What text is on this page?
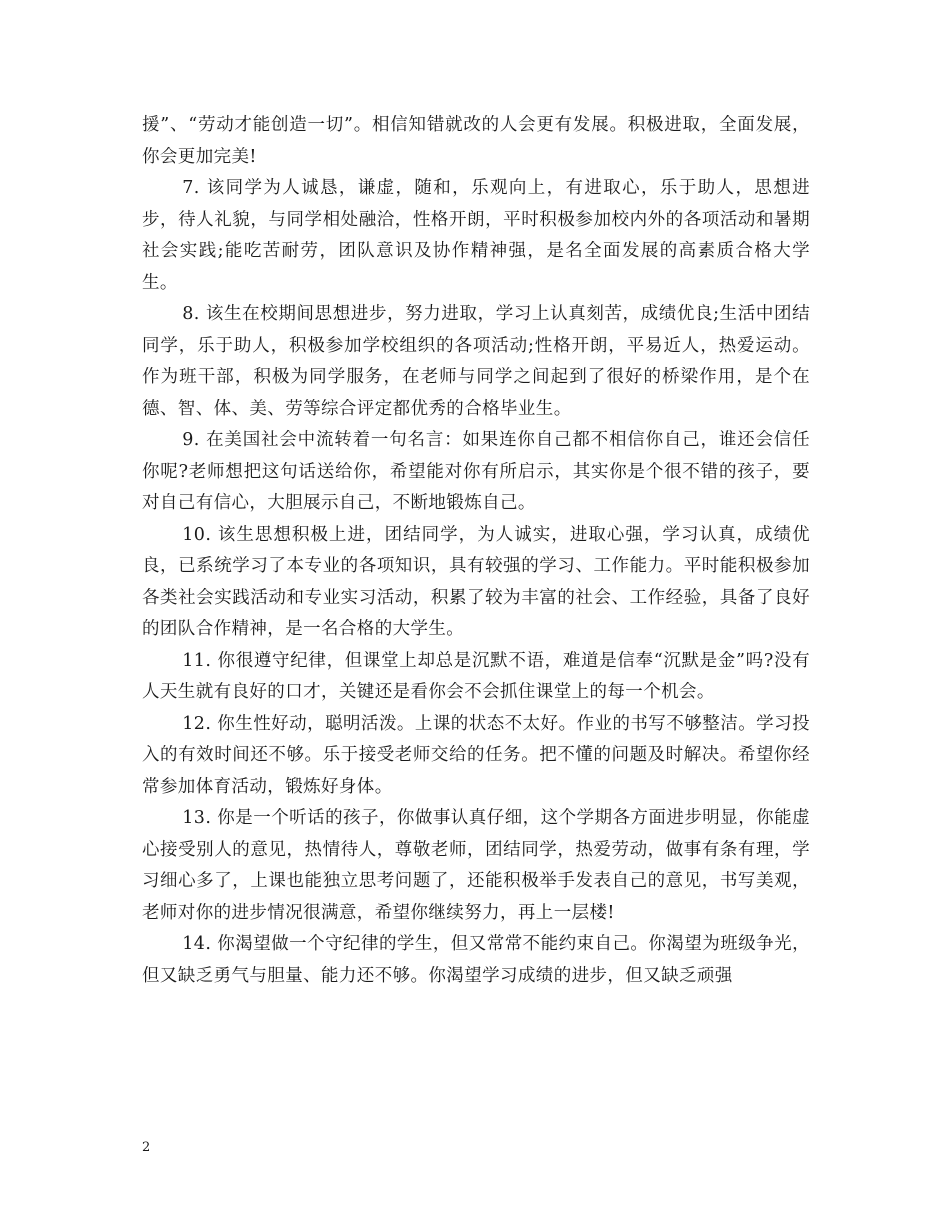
援”、“劳动才能创造一切”。相信知错就改的人会更有发展。积极进取，全面发展，你会更加完美!

7. 该同学为人诚恳，谦虚，随和，乐观向上，有进取心，乐于助人，思想进步，待人礼貌，与同学相处融洽，性格开朗，平时积极参加校内外的各项活动和暑期社会实践;能吃苦耐劳，团队意识及协作精神强，是名全面发展的高素质合格大学生。

8. 该生在校期间思想进步，努力进取，学习上认真刻苦，成绩优良;生活中团结同学，乐于助人，积极参加学校组织的各项活动;性格开朗，平易近人，热爱运动。作为班干部，积极为同学服务，在老师与同学之间起到了很好的桥梁作用，是个在德、智、体、美、劳等综合评定都优秀的合格毕业生。

9. 在美国社会中流转着一句名言：如果连你自己都不相信你自己，谁还会信任你呢?老师想把这句话送给你，希望能对你有所启示，其实你是个很不错的孩子，要对自己有信心，大胆展示自己，不断地锻炼自己。

10. 该生思想积极上进，团结同学，为人诚实，进取心强，学习认真，成绩优良，已系统学习了本专业的各项知识，具有较强的学习、工作能力。平时能积极参加各类社会实践活动和专业实习活动，积累了较为丰富的社会、工作经验，具备了良好的团队合作精神，是一名合格的大学生。

11. 你很遵守纪律，但课堂上却总是沉默不语，难道是信奉“沉默是金”吗?没有人天生就有良好的口才，关键还是看你会不会抓住课堂上的每一个机会。

12. 你生性好动，聪明活泼。上课的状态不太好。作业的书写不够整洁。学习投入的有效时间还不够。乐于接受老师交给的任务。把不懂的问题及时解决。希望你经常参加体育活动，锻炼好身体。

13. 你是一个听话的孩子，你做事认真仔细，这个学期各方面进步明显，你能虚心接受别人的意见，热情待人，尊敬老师，团结同学，热爱劳动，做事有条有理，学习细心多了，上课也能独立思考问题了，还能积极举手发表自己的意见，书写美观，老师对你的进步情况很满意，希望你继续努力，再上一层楼!

14. 你渴望做一个守纪律的学生，但又常常不能约束自己。你渴望为班级争光，但又缺乏勇气与胆量、能力还不够。你渴望学习成绩的进步，但又缺乏顽强

2
